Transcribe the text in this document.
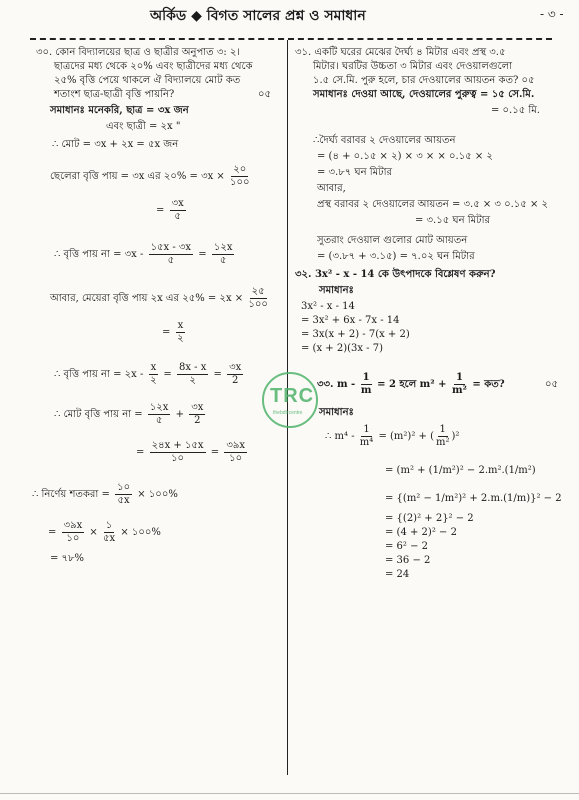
অর্কিড ◆ বিগত সালের প্রশ্ন ও সমাধান	- ৩ -
৩০. কোন বিদ্যালয়ের ছাত্র ও ছাত্রীর অনুপাত ৩: ২।
ছাত্রদের মধ্য থেকে ২০% এবং ছাত্রীদের মধ্য থেকে
২৫% বৃত্তি পেয়ে থাকলে ঐ বিদ্যালয়ে মোট কত
শতাংশ ছাত্র-ছাত্রী বৃত্তি পায়নি?	০৫
সমাধানঃ মনেকরি, ছাত্র = ৩x জন
এবং ছাত্রী = ২x "
∴ মোট = ৩x + ২x = ৫x জন
ছেলেরা বৃত্তি পায় = ৩x এর ২০% = ৩x × $\frac{২০}{১০০}$
= $\frac{৩x}{৫}$
∴ বৃত্তি পায় না = ৩x - $\frac{১৫x - ৩x}{৫} = \frac{১২x}{৫}$
আবার, মেয়েরা বৃত্তি পায় ২x এর ২৫% = ২x × $\frac{২৫}{১০০}$
= $\frac{x}{২}$
∴ বৃত্তি পায় না = ২x - $\frac{x}{২} = \frac{8x - x}{২} = \frac{৩x}{2}$
∴ মোট বৃত্তি পায় না = $\frac{১২x}{৫} + \frac{৩x}{2}$
= $\frac{২৪x + ১৫x}{১০} = \frac{৩৯x}{১০}$
∴ নির্ণেয় শতকরা = $\frac{১০}{৫x}$ × ১০০%
= $\frac{৩৯x}{১০} \times \frac{১}{৫x}$ × ১০০%
= ৭৮%
৩১. একটি ঘরের মেঝের দৈর্ঘ্য ৪ মিটার এবং প্রস্থ ৩.৫
মিটার। ঘরটির উচ্চতা ৩ মিটার এবং দেওয়ালগুলো
১.৫ সে.মি. পুরু হলে, চার দেওয়ালের আয়তন কত? ০৫
সমাধানঃ দেওয়া আছে, দেওয়ালের পুরুত্ব = ১৫ সে.মি.
= ০.১৫ মি.
∴দৈর্ঘ্য বরাবর ২ দেওয়ালের আয়তন
= (৪ + ০.১৫ × ২) × ৩ × × ০.১৫ × ২
= ৩.৮৭ ঘন মিটার
আবার,
প্রস্থ বরাবর ২ দেওয়ালের আয়তন = ৩.৫ × ৩ ০.১৫ × ২
= ৩.১৫ ঘন মিটার
সুতরাং দেওয়াল গুলোর মোট আয়তন
= (৩.৮৭ + ৩.১৫) = ৭.০২ ঘন মিটার
৩২. 3x² - x - 14 কে উৎপাদকে বিশ্লেষণ করুন?
সমাধানঃ
3x² - x - 14
= 3x² + 6x - 7x - 14
= 3x(x + 2) - 7(x + 2)
= (x + 2)(3x - 7)
৩৩. $m - \frac{1}{m} = 2$ হলে $m^2 + \frac{1}{\text{m²}}$ = কত?	০৫
সমাধানঃ
∴ $m^4 - \frac{1}{\text{m⁴}} = (m^2)^2$ + ( $\frac{1}{\text{m²}} )^2$
= (m² + (1/m²)² − 2.m².(1/m²)
= {(m² − 1/m²)² + 2.m.(1/m)}² − 2
= {(2)² + 2}² − 2
= (4 + 2)² − 2
= 6² − 2
= 36 − 2
= 24
TRC
thebdtrcentre
